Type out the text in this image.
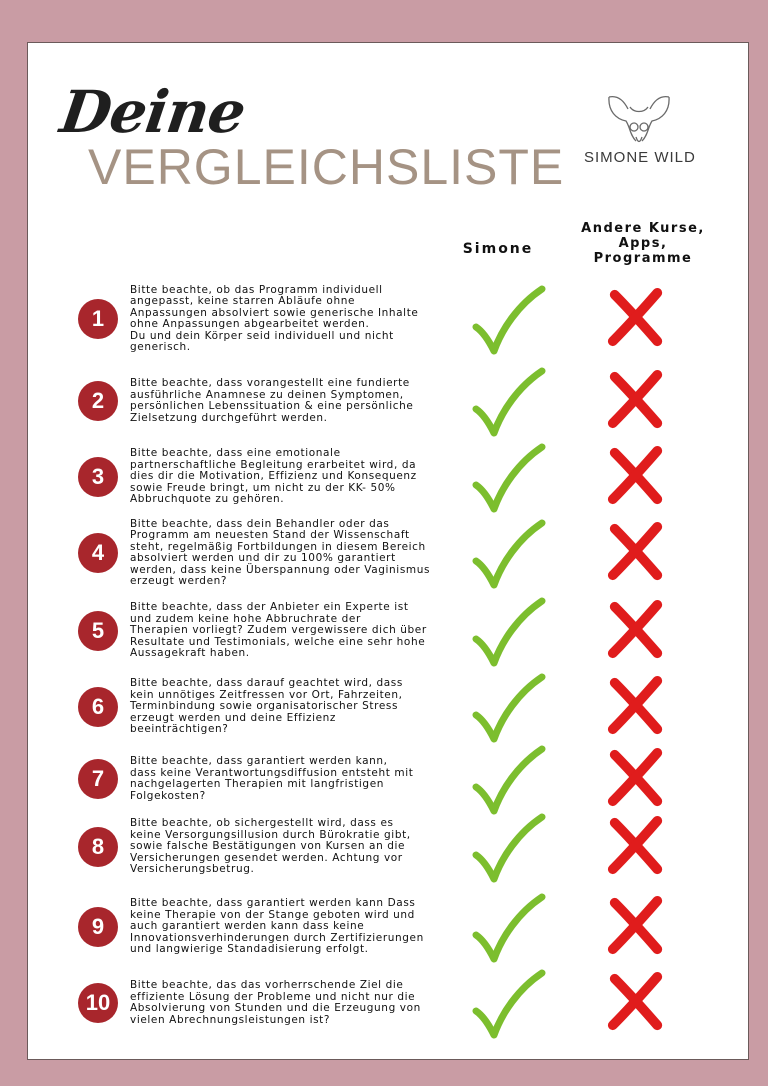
Deine
VERGLEICHSLISTE SIMONE WILD
Simone
Andere Kurse,
Apps,
Programme
1
Bitte beachte, ob das Programm individuell
angepasst, keine starren Abläufe ohne
Anpassungen absolviert sowie generische Inhalte
ohne Anpassungen abgearbeitet werden.
Du und dein Körper seid individuell und nicht
generisch.
2
Bitte beachte, dass vorangestellt eine fundierte
ausführliche Anamnese zu deinen Symptomen,
persönlichen Lebenssituation & eine persönliche
Zielsetzung durchgeführt werden.
3
Bitte beachte, dass eine emotionale
partnerschaftliche Begleitung erarbeitet wird, da
dies dir die Motivation, Effizienz und Konsequenz
sowie Freude bringt, um nicht zu der KK- 50%
Abbruchquote zu gehören.
4
Bitte beachte, dass dein Behandler oder das
Programm am neuesten Stand der Wissenschaft
steht, regelmäßig Fortbildungen in diesem Bereich
absolviert werden und dir zu 100% garantiert
werden, dass keine Überspannung oder Vaginismus
erzeugt werden?
5
Bitte beachte, dass der Anbieter ein Experte ist
und zudem keine hohe Abbruchrate der
Therapien vorliegt? Zudem vergewissere dich über
Resultate und Testimonials, welche eine sehr hohe
Aussagekraft haben.
6
Bitte beachte, dass darauf geachtet wird, dass
kein unnötiges Zeitfressen vor Ort, Fahrzeiten,
Terminbindung sowie organisatorischer Stress
erzeugt werden und deine Effizienz
beeinträchtigen?
7
Bitte beachte, dass garantiert werden kann,
dass keine Verantwortungsdiffusion entsteht mit
nachgelagerten Therapien mit langfristigen
Folgekosten?
8
Bitte beachte, ob sichergestellt wird, dass es
keine Versorgungsillusion durch Bürokratie gibt,
sowie falsche Bestätigungen von Kursen an die
Versicherungen gesendet werden. Achtung vor
Versicherungsbetrug.
9
Bitte beachte, dass garantiert werden kann Dass
keine Therapie von der Stange geboten wird und
auch garantiert werden kann dass keine
Innovationsverhinderungen durch Zertifizierungen
und langwierige Standadisierung erfolgt.
10
Bitte beachte, das das vorherrschende Ziel die
effiziente Lösung der Probleme und nicht nur die
Absolvierung von Stunden und die Erzeugung von
vielen Abrechnungsleistungen ist?
